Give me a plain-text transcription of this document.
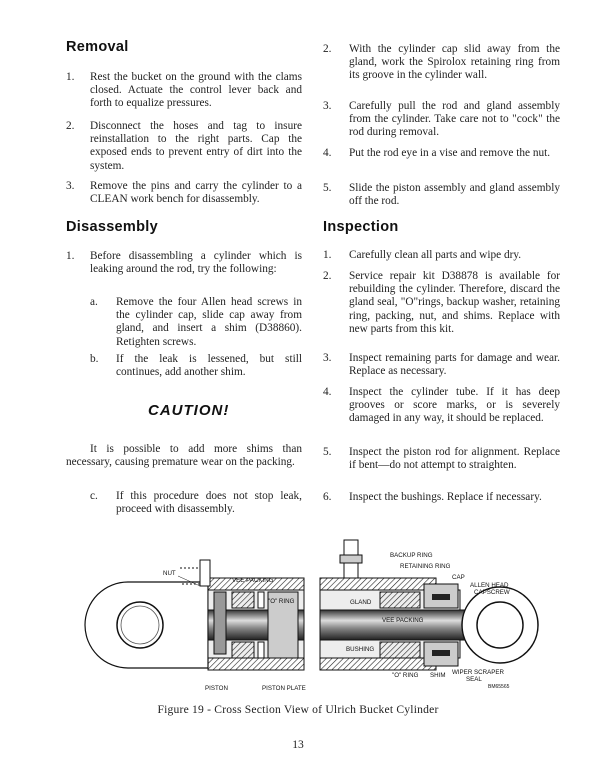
Removal
1. Rest the bucket on the ground with the clams closed. Actuate the control lever back and forth to equalize pressures.
2. Disconnect the hoses and tag to insure reinstallation to the right parts. Cap the exposed ends to prevent entry of dirt into the system.
3. Remove the pins and carry the cylinder to a CLEAN work bench for disassembly.
Disassembly
1. Before disassembling a cylinder which is leaking around the rod, try the following:
a. Remove the four Allen head screws in the cylinder cap, slide cap away from gland, and insert a shim (D38860). Retighten screws.
b. If the leak is lessened, but still continues, add another shim.
CAUTION!
It is possible to add more shims than necessary, causing premature wear on the packing.
c. If this procedure does not stop leak, proceed with disassembly.
2. With the cylinder cap slid away from the gland, work the Spirolox retaining ring from its groove in the cylinder wall.
3. Carefully pull the rod and gland assembly from the cylinder. Take care not to "cock" the rod during removal.
4. Put the rod eye in a vise and remove the nut.
5. Slide the piston assembly and gland assembly off the rod.
Inspection
1. Carefully clean all parts and wipe dry.
2. Service repair kit D38878 is available for rebuilding the cylinder. Therefore, discard the gland seal, "O"rings, backup washer, retaining ring, packing, nut, and shims. Replace with new parts from this kit.
3. Inspect remaining parts for damage and wear. Replace as necessary.
4. Inspect the cylinder tube. If it has deep grooves or score marks, or is severely damaged in any way, it should be replaced.
5. Inspect the piston rod for alignment. Replace if bent—do not attempt to straighten.
6. Inspect the bushings. Replace if necessary.
NUT
VEE PACKING
"O" RING
PISTON	PISTON PLATE
BACKUP RING
RETAINING RING
CAP
ALLEN HEAD
CAPSCREW
GLAND
VEE PACKING
BUSHING
"O" RING SHIM WIPER SCRAPER
SEAL
BM65565
Figure 19 - Cross Section View of Ulrich Bucket Cylinder
13
